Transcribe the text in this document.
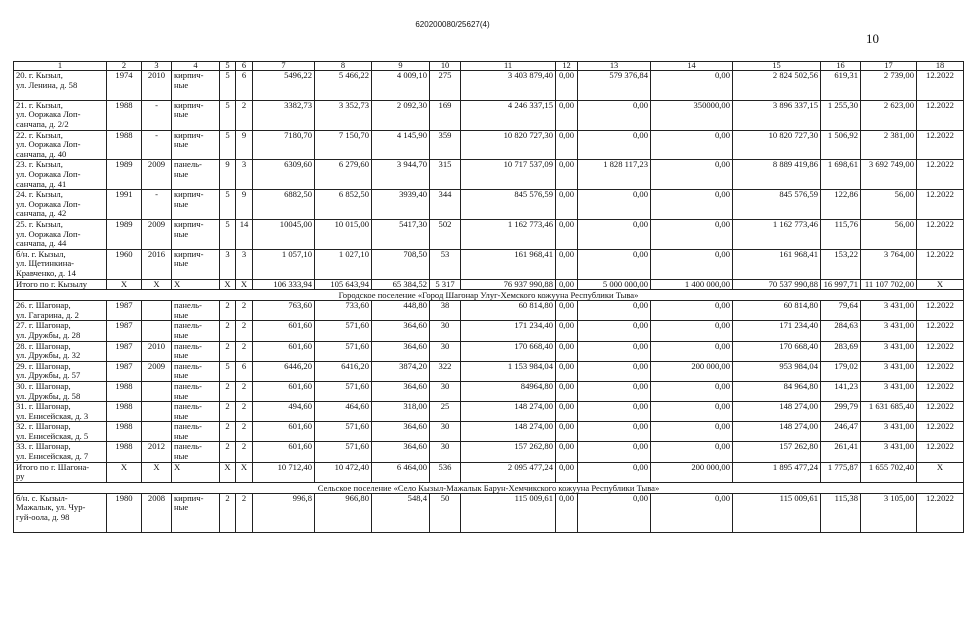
620200080/25627(4)
10
1	2	3	4	5	6	7	8	9	10	11	12	13	14	15	16	17	18
20. г. Кызыл,
ул. Ленина, д. 58	1974	2010	кирпич-
ные	5	6	5496,22	5 466,22	4 009,10	275	3 403 879,40	0,00	579 376,84	0,00	2 824 502,56	619,31	2 739,00	12.2022
21. г. Кызыл,
ул. Ооржака Лоп-
санчапа, д. 2/2	1988	-	кирпич-
ные	5	2	3382,73	3 352,73	2 092,30	169	4 246 337,15	0,00	0,00	350000,00	3 896 337,15	1 255,30	2 623,00	12.2022
22. г. Кызыл,
ул. Ооржака Лоп-
санчапа, д. 40	1988	-	кирпич-
ные	5	9	7180,70	7 150,70	4 145,90	359	10 820 727,30	0,00	0,00	0,00	10 820 727,30	1 506,92	2 381,00	12.2022
23. г. Кызыл,
ул. Ооржака Лоп-
санчапа, д. 41	1989	2009	панель-
ные	9	3	6309,60	6 279,60	3 944,70	315	10 717 537,09	0,00	1 828 117,23	0,00	8 889 419,86	1 698,61	3 692 749,00	12.2022
24. г. Кызыл,
ул. Ооржака Лоп-
санчапа, д. 42	1991	-	кирпич-
ные	5	9	6882,50	6 852,50	3939,40	344	845 576,59	0,00	0,00	0,00	845 576,59	122,86	56,00	12.2022
25. г. Кызыл,
ул. Ооржака Лоп-
санчапа, д. 44	1989	2009	кирпич-
ные	5	14	10045,00	10 015,00	5417,30	502	1 162 773,46	0,00	0,00	0,00	1 162 773,46	115,76	56,00	12.2022
б/н. г. Кызыл,
ул. Щетинкина-
Кравченко, д. 14	1960	2016	кирпич-
ные	3	3	1 057,10	1 027,10	708,50	53	161 968,41	0,00	0,00	0,00	161 968,41	153,22	3 764,00	12.2022
Итого по г. Кызылу	X	X	X	X	X	106 333,94	105 643,94	65 384,52	5 317	76 937 990,88	0,00	5 000 000,00	1 400 000,00	70 537 990,88	16 997,71	11 107 702,00	X
Городское поселение «Город Шагонар Улуг-Хемского кожууна Республики Тыва»																	
26. г. Шагонар,
ул. Гагарина, д. 2	1987		панель-
ные	2	2	763,60	733,60	448,80	38	60 814,80	0,00	0,00	0,00	60 814,80	79,64	3 431,00	12.2022
27. г. Шагонар,
ул. Дружбы, д. 28	1987		панель-
ные	2	2	601,60	571,60	364,60	30	171 234,40	0,00	0,00	0,00	171 234,40	284,63	3 431,00	12.2022
28. г. Шагонар,
ул. Дружбы, д. 32	1987	2010	панель-
ные	2	2	601,60	571,60	364,60	30	170 668,40	0,00	0,00	0,00	170 668,40	283,69	3 431,00	12.2022
29. г. Шагонар,
ул. Дружбы, д. 57	1987	2009	панель-
ные	5	6	6446,20	6416,20	3874,20	322	1 153 984,04	0,00	0,00	200 000,00	953 984,04	179,02	3 431,00	12.2022
30. г. Шагонар,
ул. Дружбы, д. 58	1988		панель-
ные	2	2	601,60	571,60	364,60	30	84964,80	0,00	0,00	0,00	84 964,80	141,23	3 431,00	12.2022
31. г. Шагонар,
ул. Енисейская, д. 3	1988		панель-
ные	2	2	494,60	464,60	318,00	25	148 274,00	0,00	0,00	0,00	148 274,00	299,79	1 631 685,40	12.2022
32. г. Шагонар,
ул. Енисейская, д. 5	1988		панель-
ные	2	2	601,60	571,60	364,60	30	148 274,00	0,00	0,00	0,00	148 274,00	246,47	3 431,00	12.2022
33. г. Шагонар,
ул. Енисейская, д. 7	1988	2012	панель-
ные	2	2	601,60	571,60	364,60	30	157 262,80	0,00	0,00	0,00	157 262,80	261,41	3 431,00	12.2022
Итого по г. Шагона-
ру	X	X	X	X	X	10 712,40	10 472,40	6 464,00	536	2 095 477,24	0,00	0,00	200 000,00	1 895 477,24	1 775,87	1 655 702,40	X
Сельское поселение «Село Кызыл-Мажалык Барун-Хемчикского кожууна Республики Тыва»																	
б/н. с. Кызыл-
Мажалык, ул. Чур-
гуй-оола, д. 98	1980	2008	кирпич-
ные	2	2	996,8	966,80	548,4	50	115 009,61	0,00	0,00	0,00	115 009,61	115,38	3 105,00	12.2022
